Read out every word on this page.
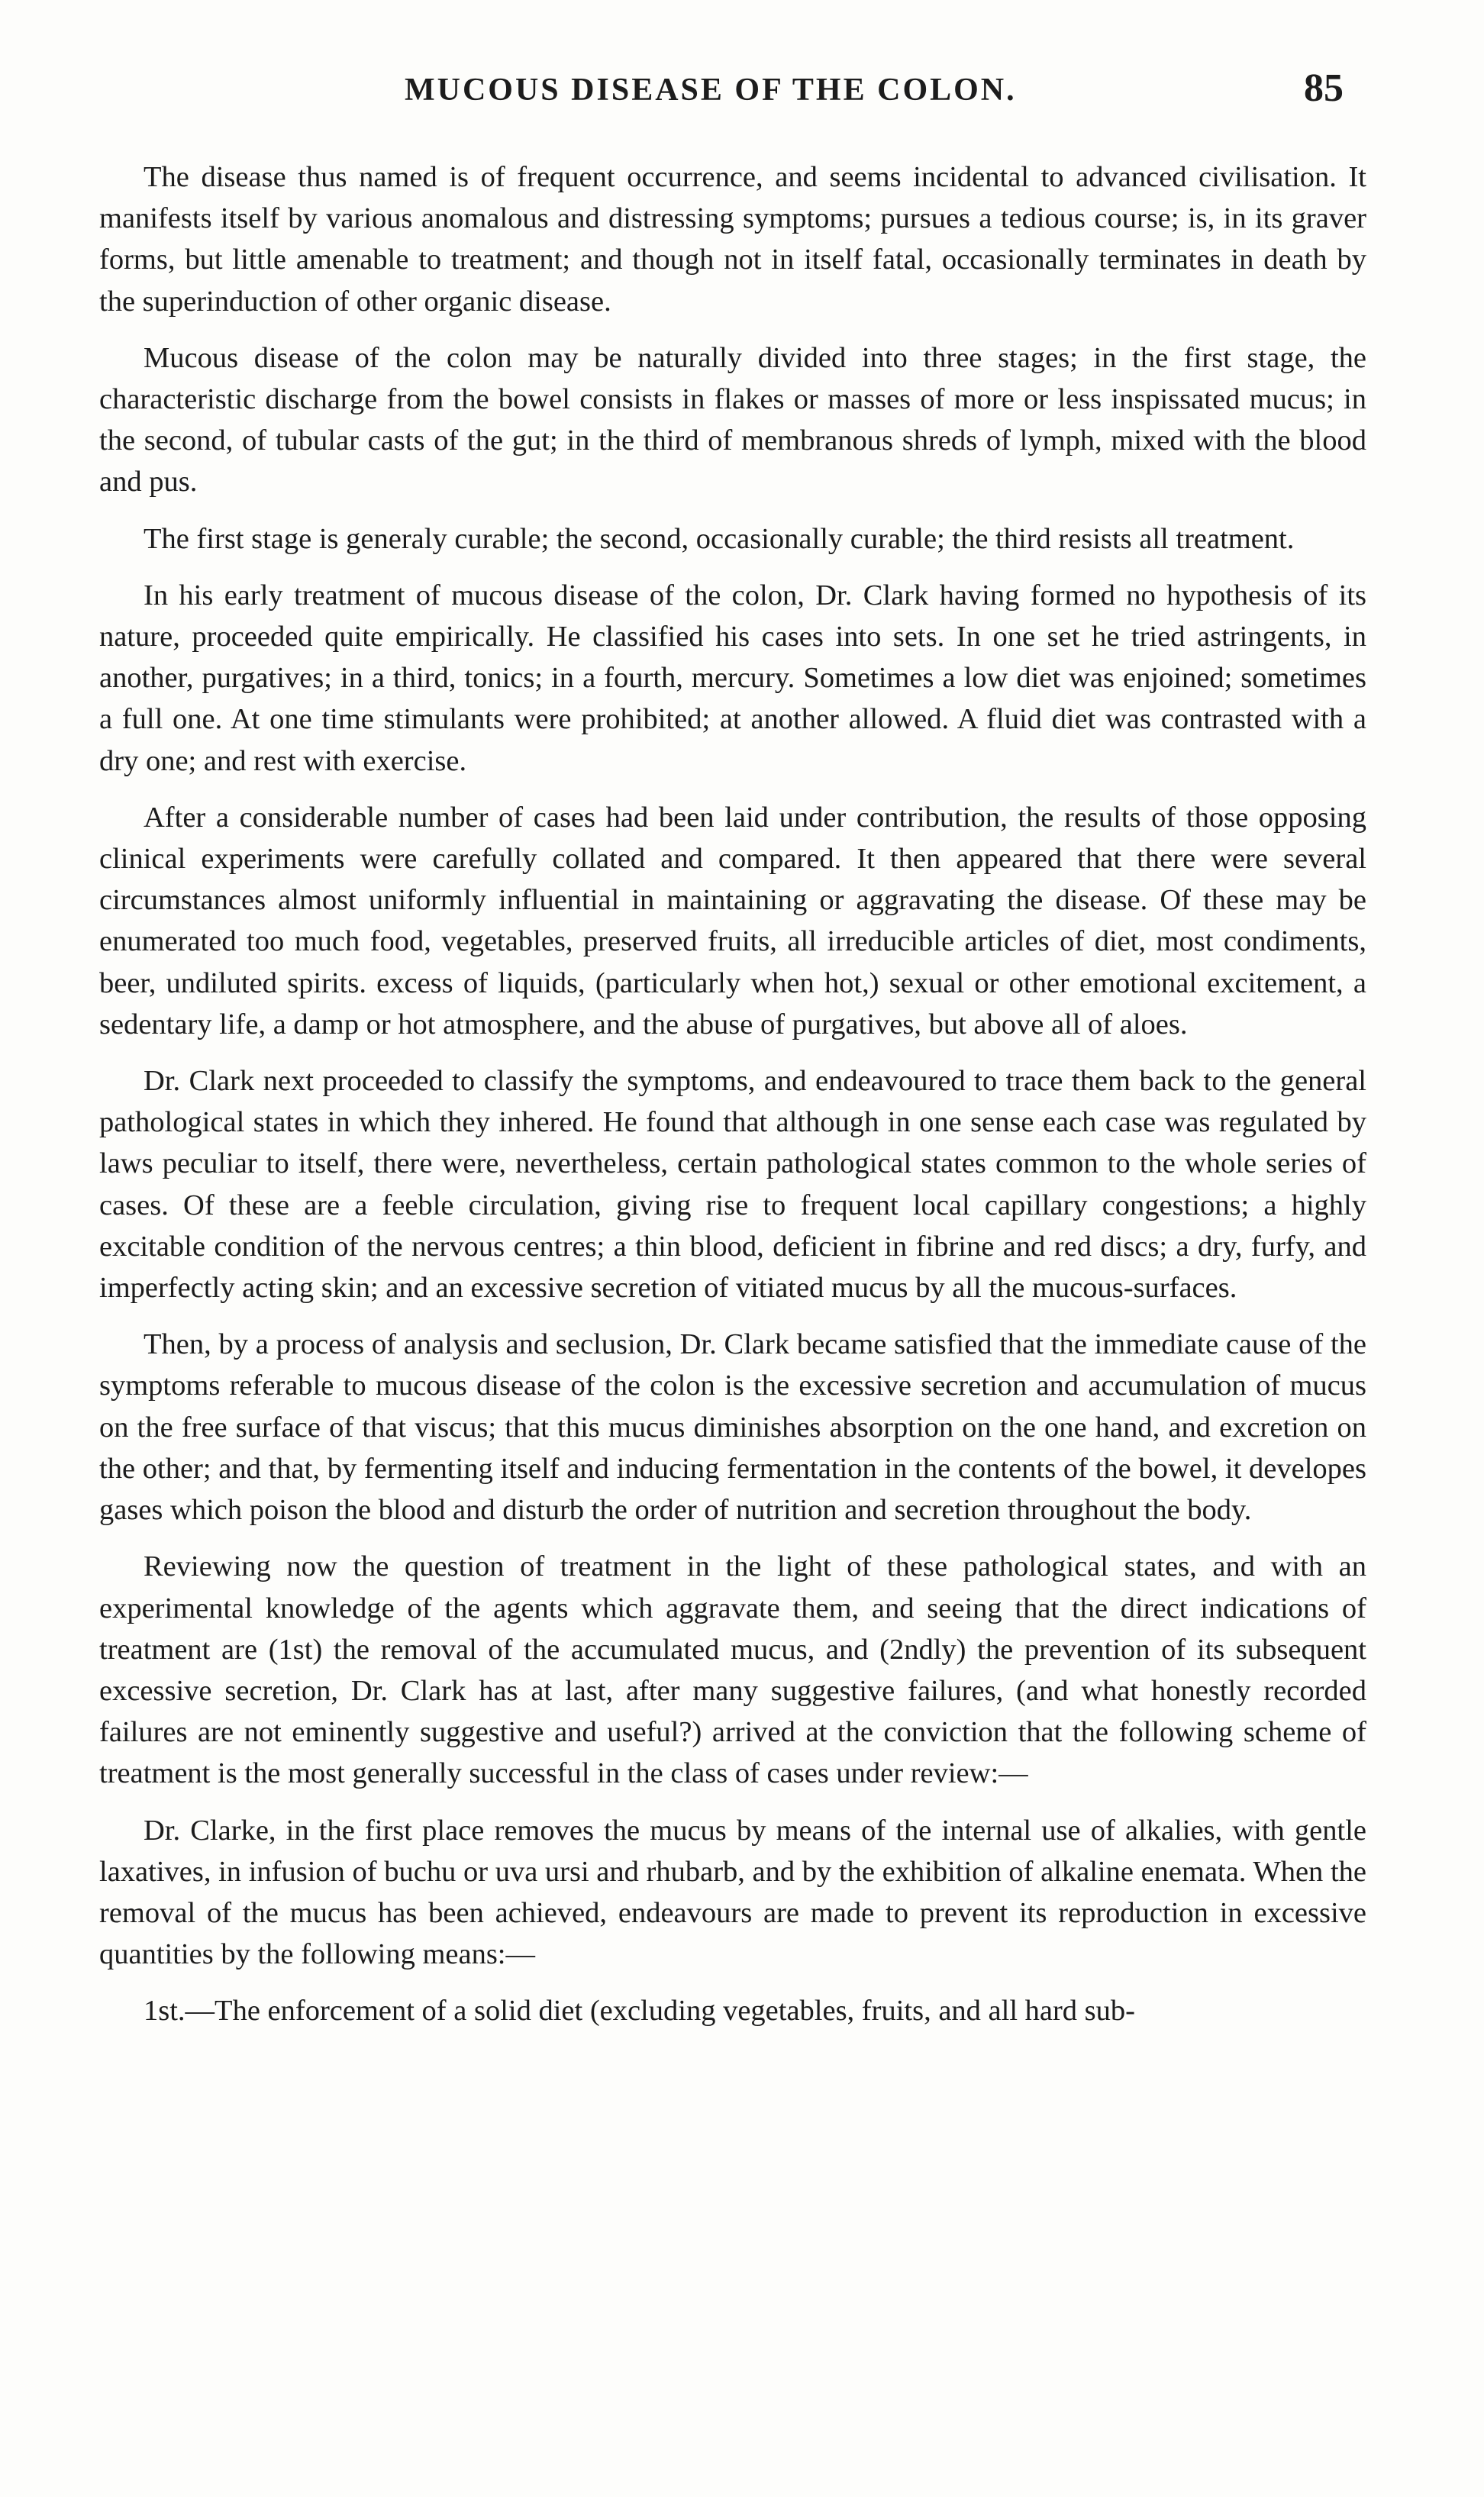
MUCOUS DISEASE OF THE COLON.	85

The disease thus named is of frequent occurrence, and seems incidental to advanced civilisation. It manifests itself by various anomalous and distressing symptoms; pursues a tedious course; is, in its graver forms, but little amenable to treatment; and though not in itself fatal, occasionally terminates in death by the superinduction of other organic disease.

Mucous disease of the colon may be naturally divided into three stages; in the first stage, the characteristic discharge from the bowel consists in flakes or masses of more or less inspissated mucus; in the second, of tubular casts of the gut; in the third of membranous shreds of lymph, mixed with the blood and pus.

The first stage is generaly curable; the second, occasionally curable; the third resists all treatment.

In his early treatment of mucous disease of the colon, Dr. Clark having formed no hypothesis of its nature, proceeded quite empirically. He classified his cases into sets. In one set he tried astringents, in another, purgatives; in a third, tonics; in a fourth, mercury. Sometimes a low diet was enjoined; sometimes a full one. At one time stimulants were prohibited; at another allowed. A fluid diet was contrasted with a dry one; and rest with exercise.

After a considerable number of cases had been laid under contribution, the results of those opposing clinical experiments were carefully collated and compared. It then appeared that there were several circumstances almost uniformly influential in maintaining or aggravating the disease. Of these may be enumerated too much food, vegetables, preserved fruits, all irreducible articles of diet, most condiments, beer, undiluted spirits. excess of liquids, (particularly when hot,) sexual or other emotional excitement, a sedentary life, a damp or hot atmosphere, and the abuse of purgatives, but above all of aloes.

Dr. Clark next proceeded to classify the symptoms, and endeavoured to trace them back to the general pathological states in which they inhered. He found that although in one sense each case was regulated by laws peculiar to itself, there were, nevertheless, certain pathological states common to the whole series of cases. Of these are a feeble circulation, giving rise to frequent local capillary congestions; a highly excitable condition of the nervous centres; a thin blood, deficient in fibrine and red discs; a dry, furfy, and imperfectly acting skin; and an excessive secretion of vitiated mucus by all the mucous-surfaces.

Then, by a process of analysis and seclusion, Dr. Clark became satisfied that the immediate cause of the symptoms referable to mucous disease of the colon is the excessive secretion and accumulation of mucus on the free surface of that viscus; that this mucus diminishes absorption on the one hand, and excretion on the other; and that, by fermenting itself and inducing fermentation in the contents of the bowel, it developes gases which poison the blood and disturb the order of nutrition and secretion throughout the body.

Reviewing now the question of treatment in the light of these pathological states, and with an experimental knowledge of the agents which aggravate them, and seeing that the direct indications of treatment are (1st) the removal of the accumulated mucus, and (2ndly) the prevention of its subsequent excessive secretion, Dr. Clark has at last, after many suggestive failures, (and what honestly recorded failures are not eminently suggestive and useful?) arrived at the conviction that the following scheme of treatment is the most generally successful in the class of cases under review:—

Dr. Clarke, in the first place removes the mucus by means of the internal use of alkalies, with gentle laxatives, in infusion of buchu or uva ursi and rhubarb, and by the exhibition of alkaline enemata. When the removal of the mucus has been achieved, endeavours are made to prevent its reproduction in excessive quantities by the following means:—

1st.—The enforcement of a solid diet (excluding vegetables, fruits, and all hard sub-
